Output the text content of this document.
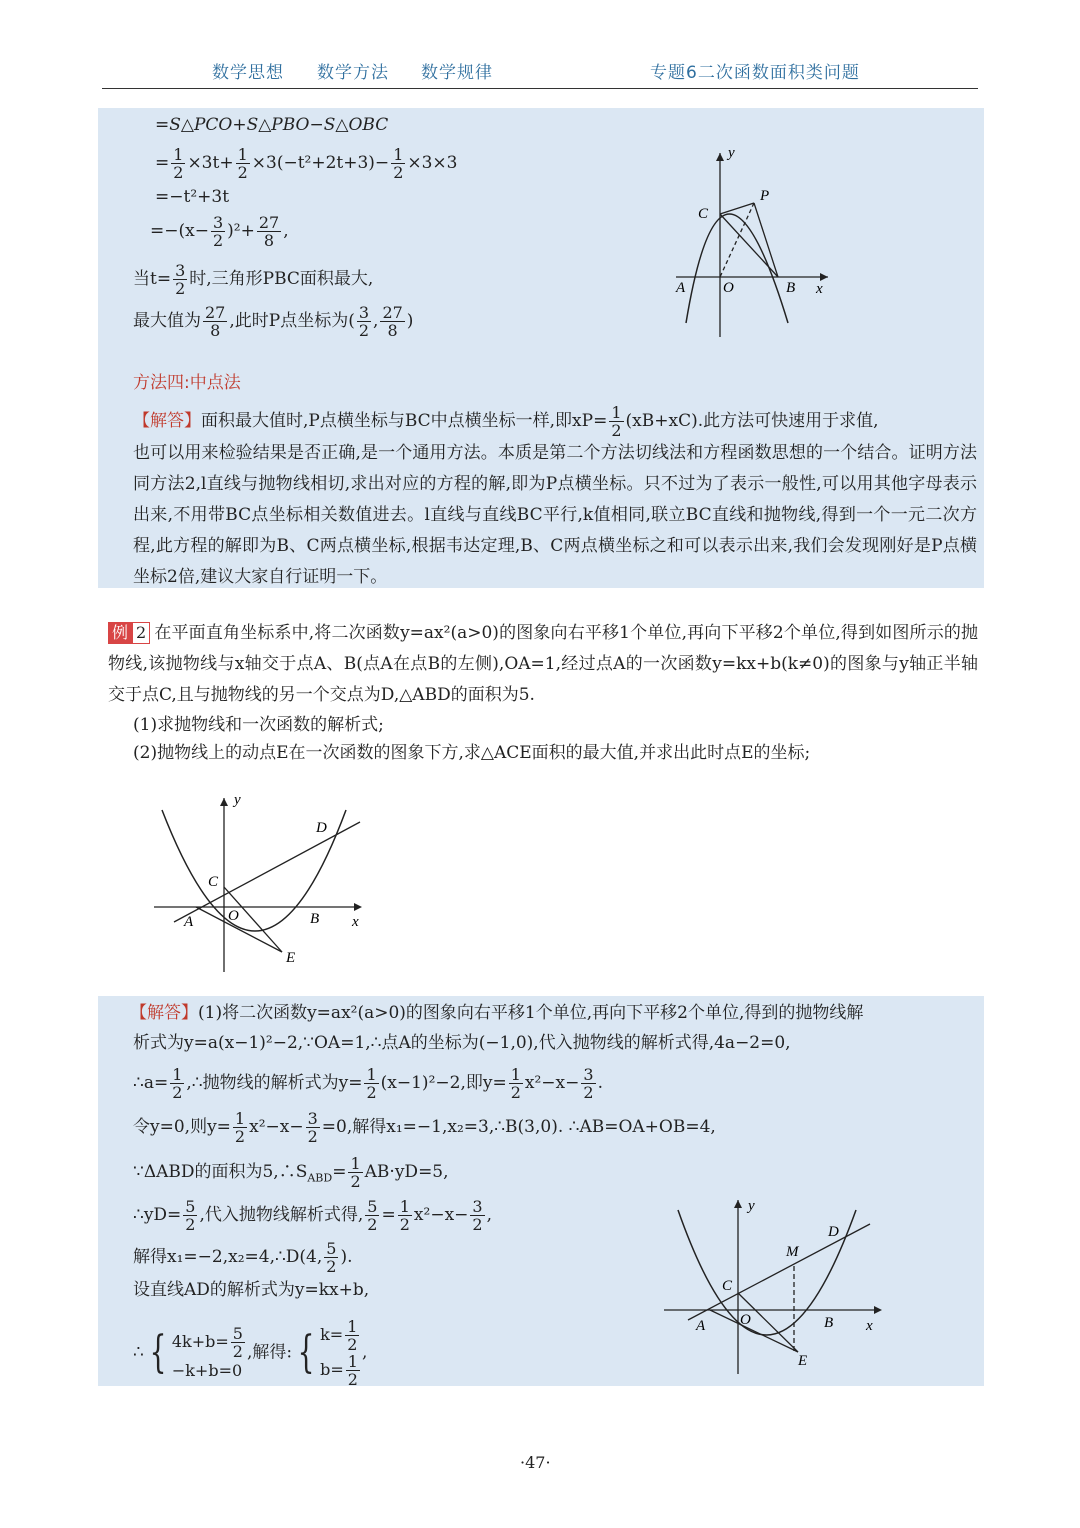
数学思想 数学方法 数学规律	专题6二次函数面积类问题
=S△PCO+S△PBO−S△OBC
= $\frac{1}{2} \times 3t+ \frac{1}{2} \times 3(-t^2+2t+3)- \frac{1}{2} \times 3\times 3$
=−t²+3t
$=-(x- \frac{3}{2} )^2+ \frac{27}{8}$ ,
当$t= \frac{3}{2}$ 时,三角形PBC面积最大,
最大值为 $\frac{27}{8}$ ,此时P点坐标为( $\frac{3}{2}$ , $\frac{27}{8}$ )
y
x
C
P
A	O	B
方法四:中点法
【解答】面积最大值时,P点横坐标与BC中点横坐标一样,即$xP= \frac{1}{2} (xB+xC)$.此方法可快速用于求值,
也可以用来检验结果是否正确,是一个通用方法。本质是第二个方法切线法和方程函数思想的一个结合。证明方法同方法2,l直线与抛物线相切,求出对应的方程的解,即为P点横坐标。只不过为了表示一般性,可以用其他字母表示出来,不用带BC点坐标相关数值进去。l直线与直线BC平行,k值相同,联立BC直线和抛物线,得到一个一元二次方程,此方程的解即为B、C两点横坐标,根据韦达定理,B、C两点横坐标之和可以表示出来,我们会发现刚好是P点横坐标2倍,建议大家自行证明一下。
例 2 在平面直角坐标系中,将二次函数y=ax²(a>0)的图象向右平移1个单位,再向下平移2个单位,得到如图所示的抛物线,该抛物线与x轴交于点A、B(点A在点B的左侧),OA=1,经过点A的一次函数y=kx+b(k≠0)的图象与y轴正半轴交于点C,且与抛物线的另一个交点为D,△ABD的面积为5.
(1)求抛物线和一次函数的解析式;
(2)抛物线上的动点E在一次函数的图象下方,求△ACE面积的最大值,并求出此时点E的坐标;
y
x
D
C
A O	B
E
【解答】(1)将二次函数y=ax²(a>0)的图象向右平移1个单位,再向下平移2个单位,得到的抛物线解
析式为y=a(x−1)²−2,∵OA=1,∴点A的坐标为(−1,0),代入抛物线的解析式得,4a−2=0,
∴a= $\frac{1}{2}$ ,∴抛物线的解析式为$y= \frac{1}{2} (x-1)^2-2$,即$y= \frac{1}{2} x^2-x- \frac{3}{2}$ .
令y=0,则$y= \frac{1}{2} x^2-x- \frac{3}{2} =0$,解得x₁=−1,x₂=3,∴B(3,0). ∴AB=OA+OB=4,
∵ΔABD的面积为$5,\therefore S_{ABD}= \frac{1}{2} AB\cdot yD=5$,
∴yD= $\frac{5}{2}$ ,代入抛物线解析式得, $\frac{5}{2} = \frac{1}{2} x^2-x- \frac{3}{2}$ ,
解得x₁=−2,x₂=4,∴D(4, $\frac{5}{2}$ ).
设直线AD的解析式为y=kx+b,
∴ { $4k+b= \frac{5}{2}$
−k+b=0
,解得: { $k= \frac{1}{2}$
$b= \frac{1}{2}$
,
y
x
D
M
C
A O	B
E
·47·
